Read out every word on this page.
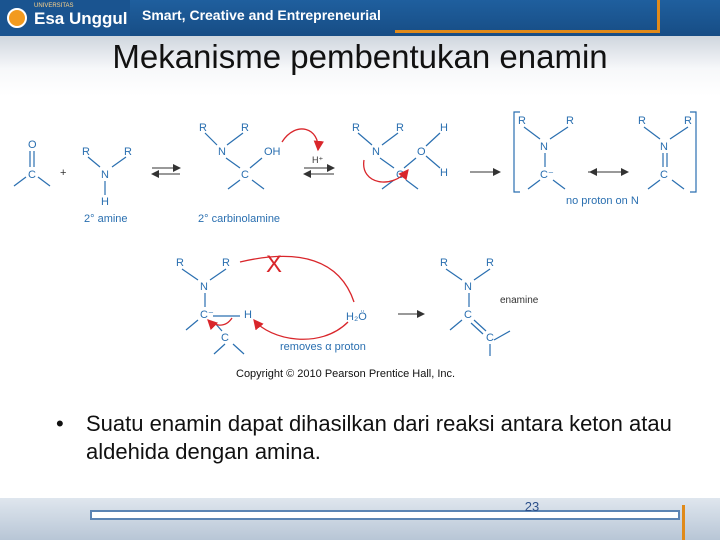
UNIVERSITAS
Esa Unggul Smart, Creative and Entrepreneurial
Mekanisme pembentukan enamin
O
C +
R	R
N
H
2° amine
R	R
N	OH
C
2° carbinolamine
H⁺
R	R	H
N	O
H
C
R	R
N
C⁻
R	R
N
C
no proton on N
R	R
N
C⁻	H
C
H₂Ö
removes α proton
R	R
N
C
C
enamine
X
Copyright © 2010 Pearson Prentice Hall, Inc.
• Suatu enamin dapat dihasilkan dari reaksi antara keton atau aldehida dengan amina.
23
